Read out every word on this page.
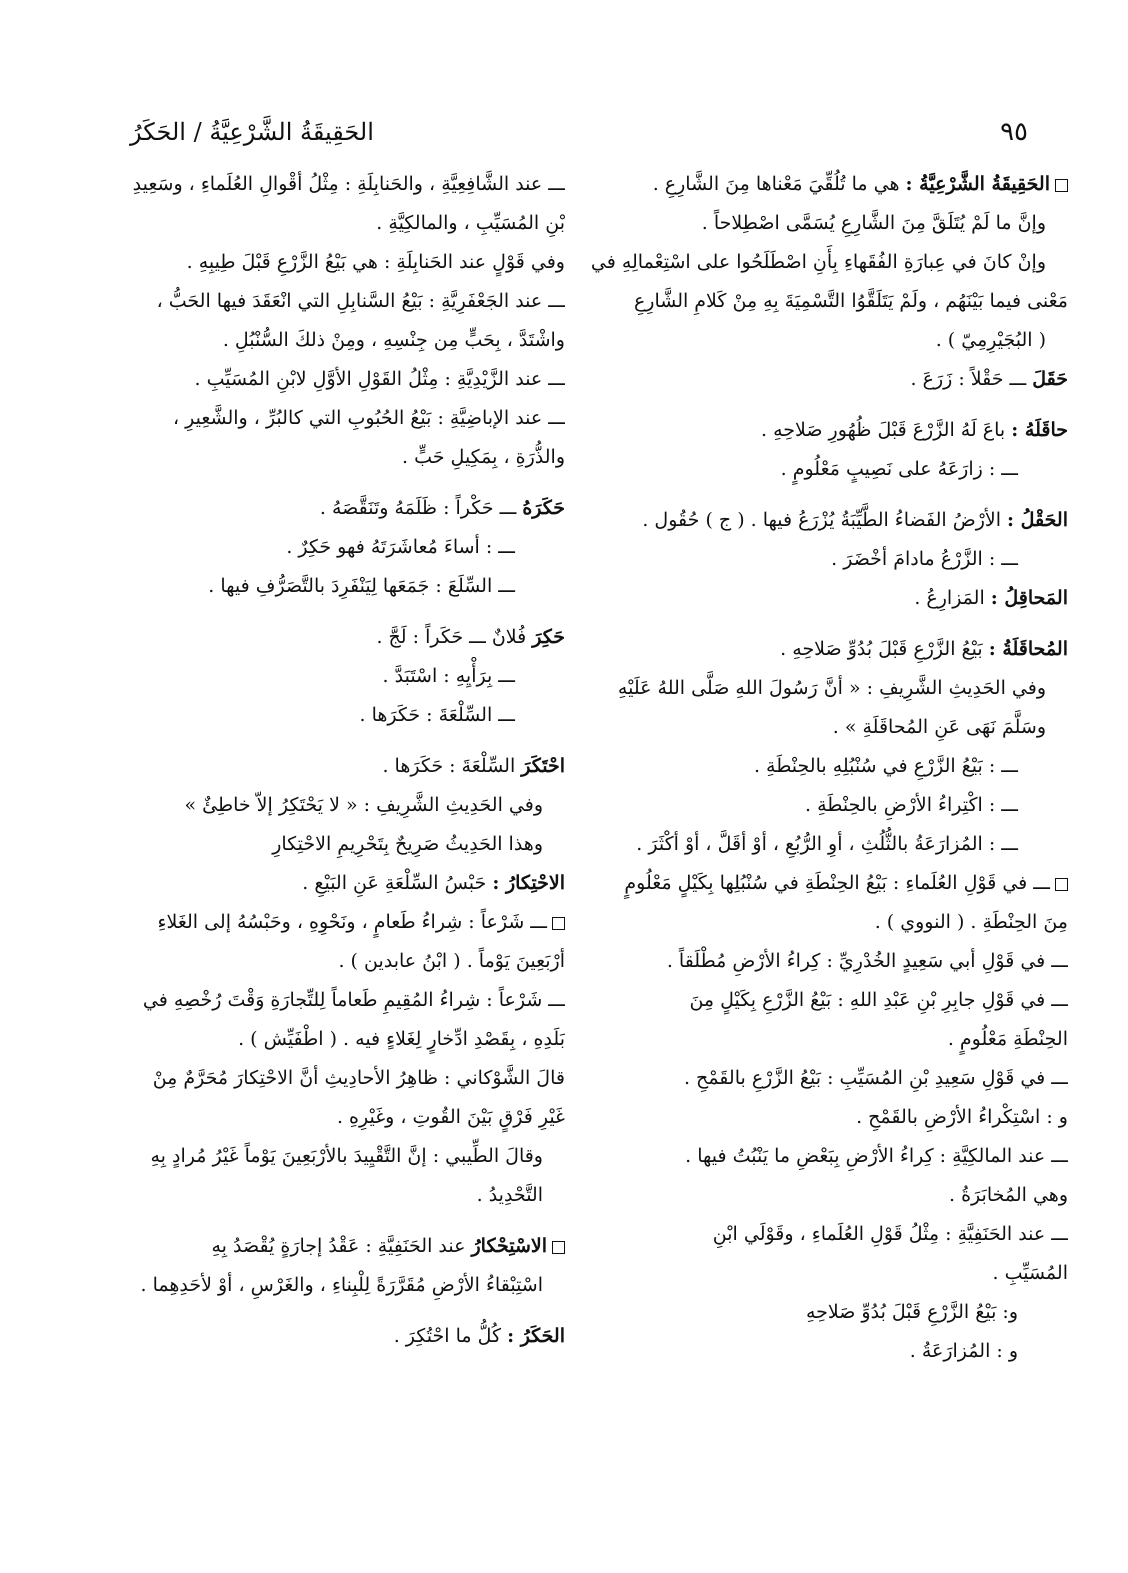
٩٥
الحَقِيقَةُ الشَّرْعِيَّةُ / الحَكَرُ
الحَقِيقَةُ الشَّرْعِيَّةُ : هي ما تُلُقِّيَ مَعْناها مِنَ الشَّارِعِ .
وإنَّ ما لَمْ يُتَلَقَّ مِنَ الشَّارِعِ يُسَمَّى اصْطِلاحاً .
وإنْ كانَ في عِبارَةِ الفُقَهاءِ بِأَنِ اصْطَلَحُوا على اسْتِعْمالِهِ في
مَعْنى فيما بَيْنَهُم ، ولَمْ يَتَلَقَّوُا التَّسْمِيَةَ بِهِ مِنْ كَلامِ الشَّارِعِ
( البُجَيْرِمِيّ ) .
حَقَلَ ـــ حَقْلاً : زَرَعَ .
حاقَلَهُ : باعَ لَهُ الزَّرْعَ قَبْلَ ظُهُورِ صَلاحِهِ .
ـــ : زارَعَهُ على نَصِيبٍ مَعْلُومٍ .
الحَقْلُ : الأرْضُ الفَضاءُ الطَّيِّبَةُ يُزْرَعُ فيها . ( ج ) حُقُول .
ـــ : الزَّرْعُ مادامَ أخْضَرَ .
المَحاقِلُ : المَزارِعُ .
المُحاقَلَةُ : بَيْعُ الزَّرْعِ قَبْلَ بُدُوِّ صَلاحِهِ .
وفي الحَدِيثِ الشَّرِيفِ : « أنَّ رَسُولَ اللهِ صَلَّى اللهُ عَلَيْهِ
وسَلَّمَ نَهَى عَنِ المُحاقَلَةِ » .
ـــ : بَيْعُ الزَّرْعِ في سُنْبُلِهِ بالحِنْطَةِ .
ـــ : اكْتِراءُ الأرْضِ بالحِنْطَةِ .
ـــ : المُزارَعَةُ بالثُّلُثِ ، أوِ الرُّبُعِ ، أوْ أقَلَّ ، أوْ أكْثَرَ .
ـــ في قَوْلِ العُلَماءِ : بَيْعُ الحِنْطَةِ في سُنْبُلِها بِكَيْلٍ مَعْلُومٍ
مِنَ الحِنْطَةِ . ( النووي ) .
ـــ في قَوْلِ أبي سَعِيدٍ الخُدْرِيِّ : كِراءُ الأرْضِ مُطْلَقاً .
ـــ في قَوْلِ جابِرِ بْنِ عَبْدِ اللهِ : بَيْعُ الزَّرْعِ بِكَيْلٍ مِنَ
الحِنْطَةِ مَعْلُومٍ .
ـــ في قَوْلِ سَعِيدِ بْنِ المُسَيِّبِ : بَيْعُ الزَّرْعِ بالقَمْحِ .
و : اسْتِكْراءُ الأرْضِ بالقَمْحِ .
ـــ عند المالكِيَّةِ : كِراءُ الأرْضِ بِبَعْضِ ما يَنْبُتُ فيها .
وهي المُخابَرَةُ .
ـــ عند الحَنَفِيَّةِ : مِثْلُ قَوْلِ العُلَماءِ ، وقَوْلَي ابْنِ
المُسَيِّبِ .
و: بَيْعُ الزَّرْعِ قَبْلَ بُدُوِّ صَلاحِهِ
و : المُزارَعَةُ .
ـــ عند الشَّافِعِيَّةِ ، والحَنابِلَةِ : مِثْلُ أقْوالِ العُلَماءِ ، وسَعِيدِ
بْنِ المُسَيِّبِ ، والمالكِيَّةِ .
وفي قَوْلٍ عند الحَنابِلَةِ : هي بَيْعُ الزَّرْعِ قَبْلَ طِيبِهِ .
ـــ عند الجَعْفَرِيَّةِ : بَيْعُ السَّنابِلِ التي انْعَقَدَ فيها الحَبُّ ،
واشْتَدَّ ، بِحَبٍّ مِن جِنْسِهِ ، ومِنْ ذلكَ السُّنْبُلِ .
ـــ عند الزَّيْدِيَّةِ : مِثْلُ القَوْلِ الأوَّلِ لابْنِ المُسَيِّبِ .
ـــ عند الإباضِيَّةِ : بَيْعُ الحُبُوبِ التي كالبُرِّ ، والشَّعِيرِ ،
والذُّرَةِ ، بِمَكِيلِ حَبٍّ .
حَكَرَهُ ـــ حَكْراً : ظَلَمَهُ وتَنَقَّصَهُ .
ـــ : أساءَ مُعاشَرَتَهُ فهو حَكِرٌ .
ـــ السِّلَعَ : جَمَعَها لِيَنْفَرِدَ بالتَّصَرُّفِ فيها .
حَكِرَ فُلانٌ ـــ حَكَراً : لَجَّ .
ـــ بِرَأْيِهِ : اسْتَبَدَّ .
ـــ السِّلْعَةَ : حَكَرَها .
احْتَكَرَ السِّلْعَةَ : حَكَرَها .
وفي الحَدِيثِ الشَّرِيفِ : « لا يَحْتَكِرُ إلاّ خاطِئٌ »
وهذا الحَدِيثُ صَرِيحٌ بِتَحْرِيمِ الاحْتِكارِ
الاحْتِكارُ : حَبْسُ السِّلْعَةِ عَنِ البَيْعِ .
ـــ شَرْعاً : شِراءُ طَعامٍ ، ونَحْوِهِ ، وحَبْسُهُ إلى الغَلاءِ
أرْبَعِينَ يَوْماً . ( ابْنُ عابدين ) .
ـــ شَرْعاً : شِراءُ المُقِيمِ طَعاماً لِلتِّجارَةِ وَقْتَ رُخْصِهِ في
بَلَدِهِ ، بِقَصْدِ ادِّخارٍ لِغَلاءٍ فيه . ( اطْفَيِّش ) .
قالَ الشَّوْكاني : ظاهِرُ الأحادِيثِ أنَّ الاحْتِكارَ مُحَرَّمٌ مِنْ
غَيْرِ فَرْقٍ بَيْنَ القُوتِ ، وغَيْرِهِ .
وقالَ الطِّيبي : إنَّ التَّقْيِيدَ بالأرْبَعِينَ يَوْماً غَيْرُ مُرادٍ بِهِ
التَّحْدِيدُ .
الاسْتِحْكارُ عند الحَنَفِيَّةِ : عَقْدُ إجارَةٍ يُقْصَدُ بِهِ
اسْتِبْقاءُ الأرْضِ مُقَرَّرَةً لِلْبِناءِ ، والغَرْسِ ، أوْ لأحَدِهِما .
الحَكَرُ : كُلُّ ما احْتُكِرَ .
